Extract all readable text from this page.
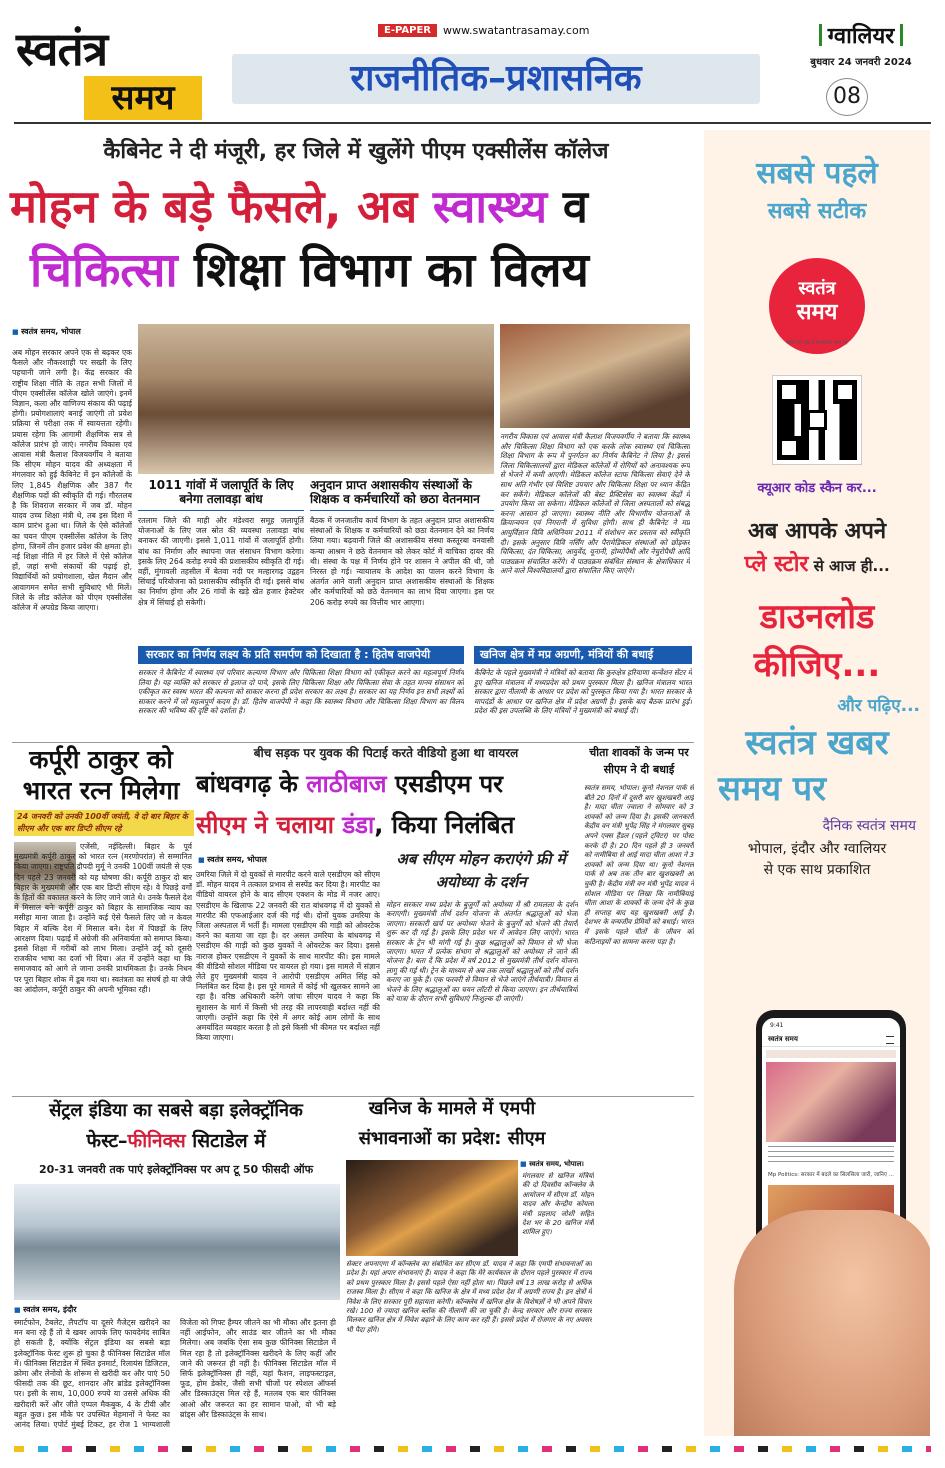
स्वतंत्र
समय
E-PAPER	www.swatantrasamay.com
राजनीतिक–प्रशासनिक
ग्वालियर
बुधवार 24 जनवरी 2024
08
कैबिनेट ने दी मंजूरी, हर जिले में खुलेंगे पीएम एक्सीलेंस कॉलेज
मोहन के बड़े फैसले, अब स्वास्थ्य व
चिकित्सा शिक्षा विभाग का विलय
■ स्वतंत्र समय, भोपाल
अब मोहन सरकार अपने एक से बढ़कर एक फैसले और नौकरशाही पर सख्ती के लिए पहचानी जाने लगी है। केंद्र सरकार की राष्ट्रीय शिक्षा नीति के तहत सभी जिलों में पीएम एक्सीलेंस कॉलेज खोले जाएंगे। इनमें विज्ञान, कला और वाणिज्य संकाय की पढ़ाई होगी। प्रयोगशालाएं बनाई जाएंगी तो प्रवेश प्रक्रिया से परीक्षा तक में स्वायत्तता रहेगी। प्रयास रहेगा कि आगामी शैक्षणिक सत्र से कॉलेज प्रारंभ हो जाएं। नगरीय विकास एवं आवास मंत्री कैलाश विजयवर्गीय ने बताया कि सीएम मोहन यादव की अध्यक्षता में मंगलवार को हुई कैबिनेट में इन कॉलेजों के लिए 1,845 शैक्षणिक और 387 गैर शैक्षणिक पदों की स्वीकृति दी गई। गौरतलब है कि शिवराज सरकार में जब डॉ. मोहन यादव उच्च शिक्षा मंत्री थे, तब इस दिशा में काम प्रारंभ हुआ था। जिले के ऐसे कॉलेजों का चयन पीएम एक्सीलेंस कॉलेज के लिए होगा, जिनमें तीन हजार प्रवेश की क्षमता हो। नई शिक्षा नीति में हर जिले में ऐसे कॉलेज हों, जहां सभी संकायों की पढ़ाई हो, विद्यार्थियों को प्रयोगशाला, खेल मैदान और आवागमन समेत सभी सुविधाएं भी मिलें। जिले के लीड कॉलेज को पीएम एक्सीलेंस कॉलेज में अपग्रेड किया जाएगा।
नगरीय विकास एवं आवास मंत्री कैलाश विजयवर्गीय ने बताया कि स्वास्थ्य और चिकित्सा शिक्षा विभाग को एक करके लोक स्वास्थ्य एवं चिकित्सा शिक्षा विभाग के रूप में पुनर्गठन का निर्णय कैबिनेट ने लिया है। इससे जिला चिकित्सालयों द्वारा मेडिकल कॉलेजों में रोगियों को अनावश्यक रूप से भेजने में कमी आएगी। मेडिकल कॉलेज स्टाफ चिकित्सा सेवाएं देने के साथ अति गंभीर एवं विशिष्ट उपचार और चिकित्सा शिक्षा पर ध्यान केंद्रित कर सकेंगे। मेडिकल कॉलेजों की बेस्ट प्रैक्टिसेस का स्वास्थ्य केंद्रों में उपयोग किया जा सकेगा। मेडिकल कॉलेजों से जिला अस्पतालों को संबद्ध करना आसान हो जाएगा। स्वास्थ्य नीति और विभागीय योजनाओं के क्रियान्वयन एवं निगरानी में सुविधा होगी। साथ ही कैबिनेट ने मप्र आयुर्विज्ञान विवि अधिनियम 2011 में संशोधन कर प्रस्ताव को स्वीकृति दी। इसके अनुसार विवि नर्सिंग और पैरामेडिकल संस्थाओं को छोड़कर चिकित्सा, दंत चिकित्सा, आयुर्वेद, यूनानी, होम्योपैथी और नेचुरोपैथी आदि पाठ्यक्रम संचालित करेंगे। ये पाठ्यक्रम संबंधित संस्थान के क्षेत्राधिकार में आने वाले विश्वविद्यालयों द्वारा संचालित किए जाएंगे।
1011 गांवों में जलापूर्ति के लिए बनेगा तलावड़ा बांध
रतलाम जिले की माही और मंडेश्वरा समूह जलापूर्ति योजनाओं के लिए जल स्रोत की व्यवस्था तलावड़ा बांध बनाकर की जाएगी। इससे 1,011 गांवों में जलापूर्ति होगी। बांध का निर्माण और स्थापना जल संसाधन विभाग करेगा। इसके लिए 264 करोड़ रुपये की प्रशासकीय स्वीकृति दी गई। वहीं, मुंगावली तहसील में बेतवा नदी पर मल्हारगढ़ उद्वहन सिंचाई परियोजना को प्रशासकीय स्वीकृति दी गई। इससे बांध का निर्माण होगा और 26 गांवों के खड़े खेत हजार हेक्टेयर क्षेत्र में सिंचाई हो सकेगी।
अनुदान प्राप्त अशासकीय संस्थाओं के शिक्षक व कर्मचारियों को छठा वेतनमान
बैठक में जनजातीय कार्य विभाग के तहत अनुदान प्राप्त अशासकीय संस्थाओं के शिक्षक व कर्मचारियों को छठा वेतनमान देने का निर्णय लिया गया। बढ़वानी जिले की अशासकीय संस्था कस्तूरबा वनवासी कन्या आश्रम ने छठे वेतनमान को लेकर कोर्ट में याचिका दायर की थी। संस्था के पक्ष में निर्णय होने पर शासन ने अपील की थी, जो निरस्त हो गई। न्यायालय के आदेश का पालन करने विभाग के अंतर्गत आने वाली अनुदान प्राप्त अशासकीय संस्थाओं के शिक्षक और कर्मचारियों को छठे वेतनमान का लाभ दिया जाएगा। इस पर 206 करोड़ रुपये का वित्तीय भार आएगा।
सरकार का निर्णय लक्ष्य के प्रति समर्पण को दिखाता है : हितेष वाजपेयी
सरकार ने कैबिनेट में स्वास्थ्य एवं परिवार कल्याण विभाग और चिकित्सा शिक्षा विभाग को एकीकृत करने का महत्वपूर्ण निर्णय लिया है। यह व्यक्ति को सरकार से इलाज दो पाये, इसके लिए चिकित्सा शिक्षा और चिकित्सा सेवा के तहत मानव संसाधन को एकीकृत कर स्वस्थ भारत की कल्पना को साकार करना ही प्रदेश सरकार का लक्ष्य है। सरकार का यह निर्णय इन सभी लक्ष्यों को साकार करने में जो महत्वपूर्ण कदम है। डॉ. हितेष वाजपेयी ने कहा कि स्वास्थ्य विभाग और चिकित्सा शिक्षा विभाग का विलय सरकार की भविष्य की दृष्टि को दर्शाता है।
खनिज क्षेत्र में मप्र अग्रणी, मंत्रियों की बधाई
कैबिनेट के पहले मुख्यमंत्री ने मंत्रियों को बताया कि कुरुक्षेत्र हरियाणा कन्वेंशन सेंटर में हुए खनिज मंत्रालय में मध्यप्रदेश को प्रथम पुरस्कार मिला है। खनिज मंत्रालय भारत सरकार द्वारा नीलामी के आधार पर प्रदेश को पुरस्कृत किया गया है। भारत सरकार के मापदंडों के आधार पर खनिज क्षेत्र में प्रदेश अग्रणी है। इसके बाद बैठक प्रारंभ हुई। प्रदेश की इस उपलब्धि के लिए मंत्रियों ने मुख्यमंत्री को बधाई दी।
कर्पूरी ठाकुर को भारत रत्न मिलेगा
24 जनवरी को उनकी 100वीं जयंती, वे दो बार बिहार के सीएम और एक बार डिप्टी सीएम रहे
एजेंसी, नईदिल्ली। बिहार के पूर्व मुख्यमंत्री कर्पूरी ठाकुर को भारत रत्न (मरणोपरांत) से सम्मानित किया जाएगा। राष्ट्रपति द्रौपदी मुर्मू ने उनकी 100वीं जयंती से एक दिन पहले 23 जनवरी को यह घोषणा की। कर्पूरी ठाकुर दो बार बिहार के मुख्यमंत्री और एक बार डिप्टी सीएम रहे। वे पिछड़े वर्गों के हितों की वकालत करने के लिए जाने जाते थे। उनके फैसले देश में मिसाल बनेः कर्पूरी ठाकुर को बिहार के सामाजिक न्याय का मसीहा माना जाता है। उन्होंने कई ऐसे फैसले लिए जो न केवल बिहार में बल्कि देश में मिसाल बने। देश में पिछड़ों के लिए आरक्षण दिया। पढ़ाई में अंग्रेजी की अनिवार्यता को समाप्त किया। इससे शिक्षा में गरीबों को लाभ मिला। उन्होंने उर्दू को दूसरी राजकीय भाषा का दर्जा भी दिया। अंत में उन्होंने कहा था कि समाजवाद को आगे ले जाना उनकी प्राथमिकता है। उनके निधन पर पूरा बिहार शोक में डूब गया था। स्वतंत्रता का संघर्ष हो या जेपी का आंदोलन, कर्पूरी ठाकुर की अपनी भूमिका रही।
बीच सड़क पर युवक की पिटाई करते वीडियो हुआ था वायरल
बांधवगढ़ के लाठीबाज एसडीएम पर
सीएम ने चलाया डंडा, किया निलंबित
■ स्वतंत्र समय, भोपाल
उमरिया जिले में दो युवकों से मारपीट करने वाले एसडीएम को सीएम डॉ. मोहन यादव ने तत्काल प्रभाव से सस्पेंड कर दिया है। मारपीट का वीडियो वायरल होने के बाद सीएम एक्शन के मोड में नजर आए। एसडीएम के खिलाफ 22 जनवरी की रात बांधवगढ़ में दो युवकों से मारपीट की एफआईआर दर्ज की गई थी। दोनों युवक उमरिया के जिला अस्पताल में भर्ती हैं। मामला एसडीएम की गाड़ी को ओवरटेक करने का बताया जा रहा है। दर असल उमरिया के बांधवगढ़ में एसडीएम की गाड़ी को कुछ युवकों ने ओवरटेक कर दिया। इससे नाराज होकर एसडीएम ने युवकों के साथ मारपीट की। इस मामले की वीडियो सोशल मीडिया पर वायरल हो गया। इस मामले में संज्ञान लेते हुए मुख्यमंत्री यादव ने आरोपी एसडीएम अमित सिंह को निलंबित कर दिया है। इस पूरे मामले में कोई भी खुलकर सामने आ रहा है। वरिष्ठ अधिकारी करेंगे जांचः सीएम यादव ने कहा कि सुशासन के मार्ग में किसी भी तरह की लापरवाही बर्दाश्त नहीं की जाएगी। उन्होंने कहा कि ऐसे में अगर कोई आम लोगों के साथ अमर्यादित व्यवहार करता है तो इसे किसी भी कीमत पर बर्दाश्त नहीं किया जाएगा।
अब सीएम मोहन कराएंगे फ्री में अयोध्या के दर्शन
मोहन सरकार मध्य प्रदेश के बुजुर्गों को अयोध्या में श्री रामलला के दर्शन कराएगी। मुख्यमंत्री तीर्थ दर्शन योजना के अंतर्गत श्रद्धालुओं को भेजा जाएगा। सरकारी खर्च पर अयोध्या भेजने के बुजुर्गों को भेजने की तैयारी शुरू कर दी गई है। इसके लिए प्रदेश भर में आवेदन लिए जाएंगे। भारत सरकार के ट्रेन भी मांगी गई है। कुछ श्रद्धालुओं को विमान से भी भेजा जाएगा। भारत में प्रत्येक संभाग से श्रद्धालुओं को अयोध्या ले जाने की योजना है। बता दें कि प्रदेश में वर्ष 2012 से मुख्यमंत्री तीर्थ दर्शन योजना लागू की गई थी। ट्रेन के माध्यम से अब तक लाखों श्रद्धालुओं को तीर्थ दर्शन कराए जा चुके हैं। एक फरवरी से विमान से भेजे जाएंगे तीर्थयात्री। विमान से भेजने के लिए श्रद्धालुओं का चयन लॉटरी से किया जाएगा। इन तीर्थयात्रियों को यात्रा के दौरान सभी सुविधाएं निःशुल्क दी जाएंगी।
चीता शावकों के जन्म पर सीएम ने दी बधाई
स्वतंत्र समय, भोपाल। कूनो नेशनल पार्क से बीते 20 दिनों में दूसरी बार खुशखबरी आई है। मादा चीता ज्वाला ने सोमवार को 3 शावकों को जन्म दिया है। इसकी जानकारी केंद्रीय वन मंत्री भूपेंद्र सिंह ने मंगलवार सुबह अपने एक्स हैंडल (पहले ट्विटर) पर पोस्ट करके दी है। 20 दिन पहले ही 3 जनवरी को नामीबिया से आई मादा चीता आशा ने 3 शावकों को जन्म दिया था। कूनो नेशनल पार्क से अब तक तीन बार खुशखबरी आ चुकी है। केंद्रीय मंत्री वन मंत्री भूपेंद्र यादव ने सोशल मीडिया पर लिखा कि नामीबियाई चीता आशा के शावकों के जन्म देने के कुछ ही सप्ताह बाद यह खुशखबरी आई है। देशभर के वन्यजीव प्रेमियों को बधाई। भारत में इसके पहले चीतों के जीवन को कठिनाइयों का सामना करना पड़ा है।
सेंट्रल इंडिया का सबसे बड़ा इलेक्ट्रॉनिक
फेस्ट–फीनिक्स सिटाडेल में
20-31 जनवरी तक पाएं इलेक्ट्रॉनिक्स पर अप टू 50 फीसदी ऑफ
■ स्वतंत्र समय, इंदौर
स्मार्टफोन, टैबलेट, लैपटॉप या दूसरे गैजेट्स खरीदने का मन बना रहे हैं तो ये खबर आपके लिए फायदेमंद साबित हो सकती है, क्योंकि सेंट्रल इंडिया का सबसे बड़ा इलेक्ट्रॉनिक फेस्ट शुरू हो चुका है फीनिक्स सिटाडेल मॉल में। फीनिक्स सिटाडेल में स्थित इनमार्ट, रिलायंस डिजिटल, क्रोमा और लेनोवो के शोरूम से खरीदी कर और पाएं 50 फीसदी तक की छूट, शानदार और ब्रांडेड इलेक्ट्रॉनिक्स पर। इसी के साथ, 10,000 रुपये या उससे अधिक की खरीदारी करें और जीते एप्पल मैकबुक, 4 के टीवी और बहुत कुछ। इस मौके पर उपस्थित मेहमानों ने फेस्ट का आनंद लिया। एपोर्ट मुंबई टिकट, हर रोज 1 भाग्यशाली विजेता को गिफ्ट हैम्पर जीतने का भी मौका और इतना ही नहीं आईफोन, और साउंड बार जीतने का भी मौका मिलेगा। अब जबकि ऐसा सब कुछ फीनिक्स सिटाडेल में मिल रहा है तो इलेक्ट्रॉनिक्स खरीदने के लिए कहीं और जाने की जरूरत ही नहीं है। फीनिक्स सिटाडेल मॉल में सिर्फ इलेक्ट्रॉनिक्स ही नहीं, यहां फैशन, लाइफस्टाइल, फूड, होम डेकोर, जैसी सभी चीजों पर स्पेशल ऑफर्स और डिस्काउंट्स मिल रहे हैं, मतलब एक बार फीनिक्स आओ और जरूरत का हर सामान पाओ, वो भी बड़े ब्रांड्स और डिस्काउंट्स के साथ।
खनिज के मामले में एमपी संभावनाओं का प्रदेश: सीएम
■ स्वतंत्र समय, भोपाल।
मंगलवार से खनिज मंत्रियों की दो दिवसीय कॉन्क्लेव के आयोजन में सीएम डॉ. मोहन यादव और केन्द्रीय कोयला मंत्री प्रहलाद जोशी सहित देश भर के 20 खनिज मंत्री शामिल हुए।
सेक्टर अपनाएगा में कॉन्क्लेव का संबोधित कर सीएम डॉ. यादव ने कहा कि एमपी संभावनाओं का प्रदेश है। यहां अपार संभावनाएं हैं। यादव ने कहा कि मेरे कार्यकाल के दौरान पहले पुरस्कार में राज्य को प्रथम पुरस्कार मिला है। इससे पहले ऐसा नहीं होता था। पिछले वर्ष 13 लाख करोड़ से अधिक राजस्व मिला है। सीएम ने कहा कि खनिज के क्षेत्र में मध्य प्रदेश देश में अग्रणी राज्य है। इन क्षेत्रों में निवेश के लिए सरकार पूरी सहायता करेगी। कॉन्क्लेव में खनिज क्षेत्र के विशेषज्ञों ने भी अपने विचार रखे। 100 से ज्यादा खनिज ब्लॉक की नीलामी की जा चुकी है। केन्द्र सरकार और राज्य सरकार मिलकर खनिज क्षेत्र में निवेश बढ़ाने के लिए काम कर रही हैं। इससे प्रदेश में रोजगार के नए अवसर भी पैदा होंगे।
सबसे पहले
सबसे सटीक
स्वतंत्र
समय
खबरें जो रख दें सवालिया सत्य रहे
क्यूआर कोड स्कैन कर...
अब आपके अपने
प्ले स्टोर से आज ही...
डाउनलोड
कीजिए...
और पढ़िए...
स्वतंत्र खबर
समय पर
दैनिक स्वतंत्र समय
भोपाल, इंदौर और ग्वालियर
से एक साथ प्रकाशित
9:41
स्वतंत्र समय
Mp Politics: सरकार में बदले का सिलसिला जारी, जानिए ...
